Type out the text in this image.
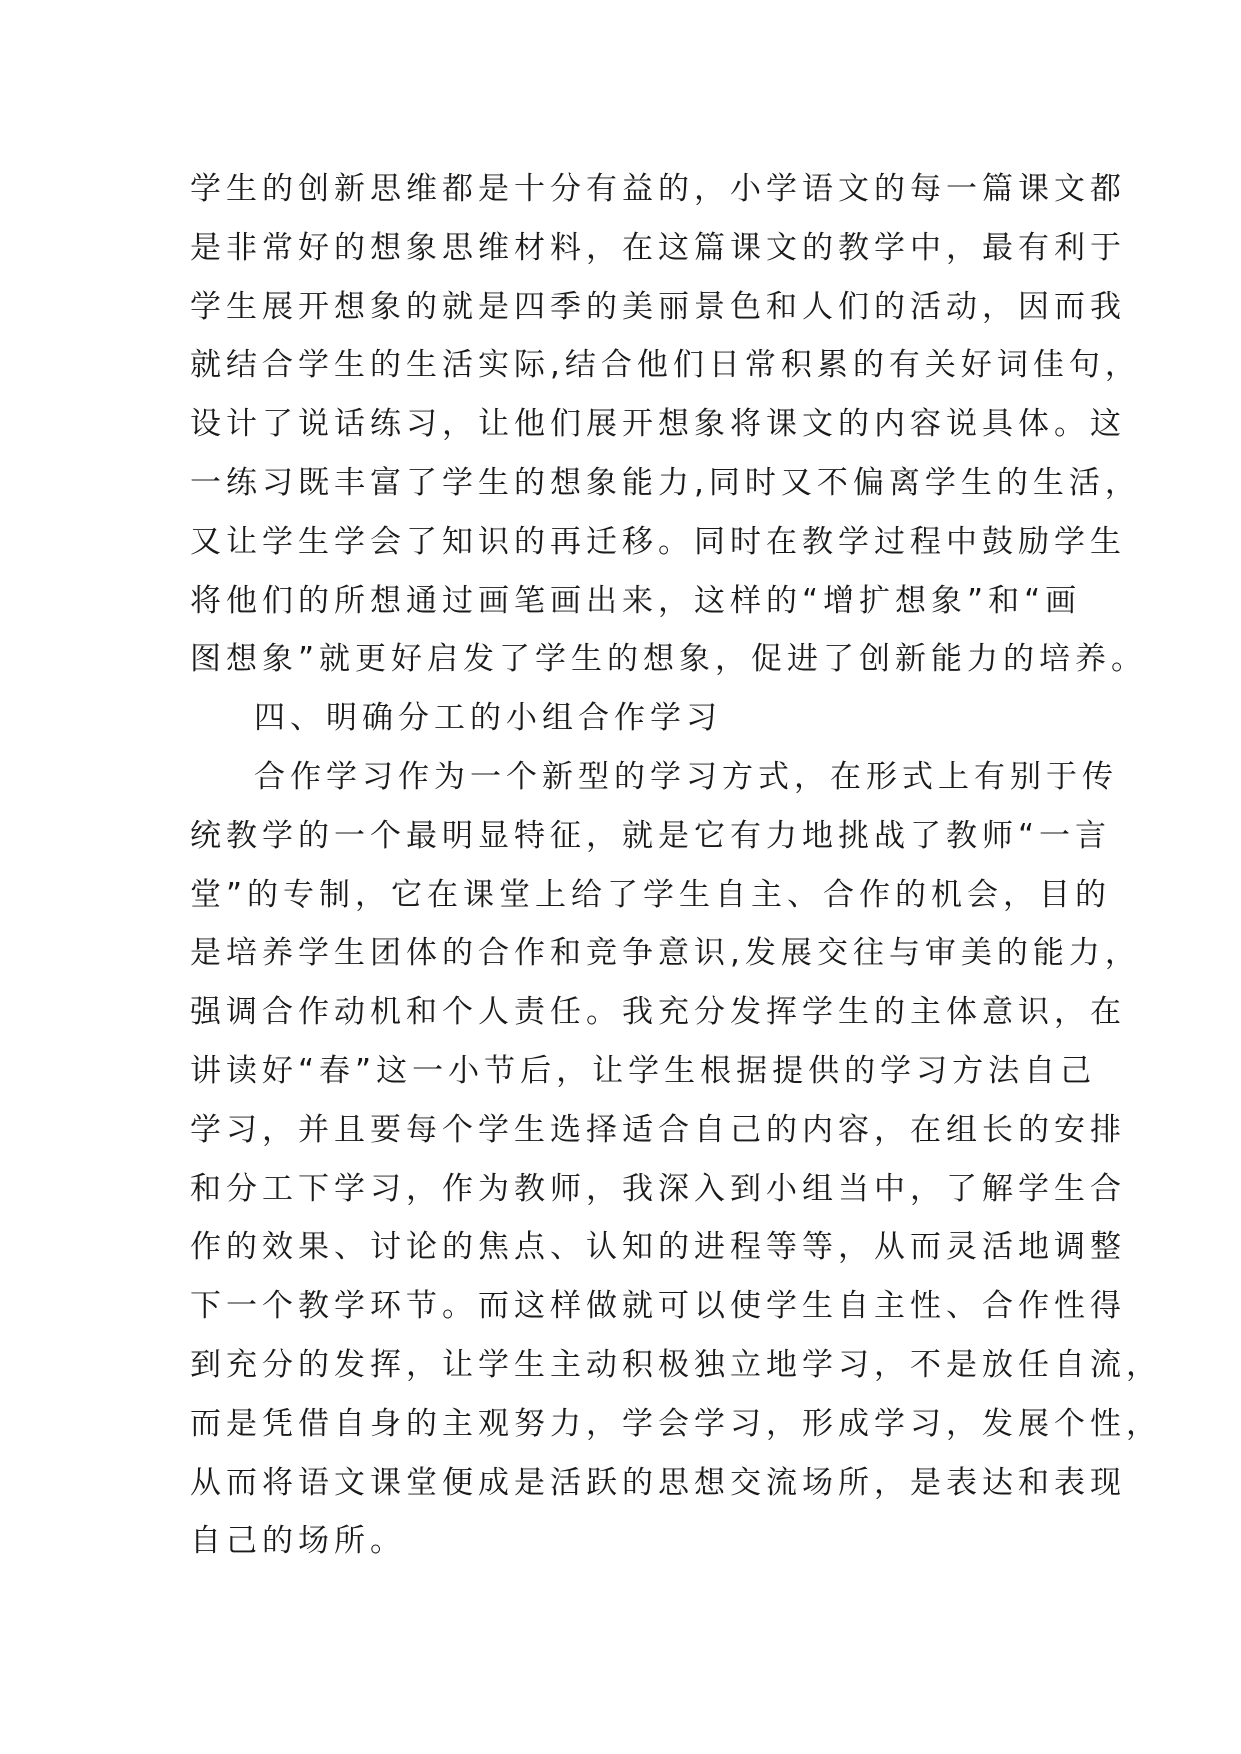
学生的创新思维都是十分有益的，小学语文的每一篇课文都
是非常好的想象思维材料，在这篇课文的教学中，最有利于
学生展开想象的就是四季的美丽景色和人们的活动，因而我
就结合学生的生活实际,结合他们日常积累的有关好词佳句，
设计了说话练习，让他们展开想象将课文的内容说具体。这
一练习既丰富了学生的想象能力,同时又不偏离学生的生活，
又让学生学会了知识的再迁移。同时在教学过程中鼓励学生
将他们的所想通过画笔画出来，这样的“增扩想象”和“画
图想象”就更好启发了学生的想象，促进了创新能力的培养。
四、明确分工的小组合作学习
合作学习作为一个新型的学习方式，在形式上有别于传
统教学的一个最明显特征，就是它有力地挑战了教师“一言
堂”的专制，它在课堂上给了学生自主、合作的机会，目的
是培养学生团体的合作和竞争意识,发展交往与审美的能力，
强调合作动机和个人责任。我充分发挥学生的主体意识，在
讲读好“春”这一小节后，让学生根据提供的学习方法自己
学习，并且要每个学生选择适合自己的内容，在组长的安排
和分工下学习，作为教师，我深入到小组当中，了解学生合
作的效果、讨论的焦点、认知的进程等等，从而灵活地调整
下一个教学环节。而这样做就可以使学生自主性、合作性得
到充分的发挥，让学生主动积极独立地学习，不是放任自流，
而是凭借自身的主观努力，学会学习，形成学习，发展个性，
从而将语文课堂便成是活跃的思想交流场所，是表达和表现
自己的场所。
